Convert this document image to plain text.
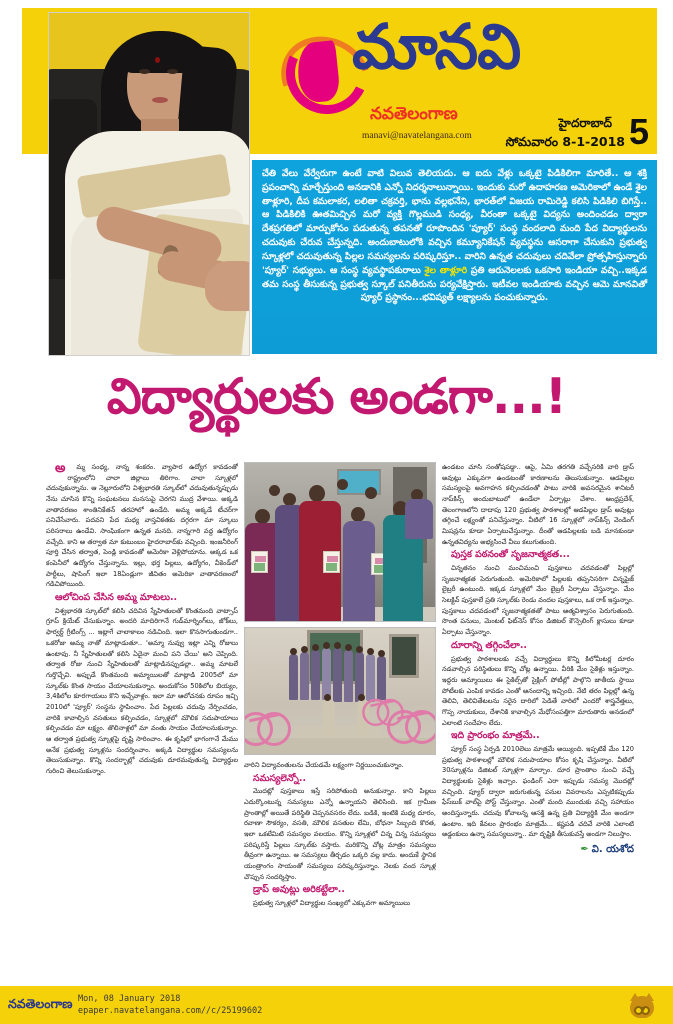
మానవి
నవతెలంగాణ
manavi@navatelangana.com
హైదరాబాద్
సోమవారం 8-1-2018 5
చేతి వేలు వేర్వేరుగా ఉంటే వాటి విలువ తెలియదు. ఆ ఐదు వేళ్లు ఒక్కటై పిడికిలిగా మారితే.. ఆ శక్తి ప్రపంచాన్ని మార్చేస్తుంది అనడానికి ఎన్నో నిదర్శనాలున్నాయి. ఇందుకు మరో ఉదాహరణ అమెరికాలో ఉండే శైల తాళ్లూరి, దీప కమలాకర, లలితా చక్రవర్తి, భాను వల్లభనేని, భారత్‌లో విజయ రామిరెడ్డి కలిసి పిడికిలి బిగిస్తే.. ఆ పిడికిలికి ఊతమిచ్చిన మరో వ్యక్తి గొల్లముడి సంధ్య, వీరంతా ఒక్కటై విద్యను అందించడం ద్వారా దేశప్రగతిలో మార్పుకోసం పడుతున్న తపనతో రూపొందిన 'ప్యూర్‌' సంస్థ వందలాది మంది పేద విద్యార్థులను చదువుకు చేరువ చేస్తున్నది. అందుబాటులోకి వచ్చిన కమ్యూనికేషన్‌ వ్యవస్థను ఆసరాగా చేసుకుని ప్రభుత్వ స్కూళ్లలో చదువుతున్న పిల్లల సమస్యలను పరిష్కరిస్తూ.. వారిని ఉన్నత చదువులు చదివేలా ప్రోత్సహిస్తున్నారు 'ప్యూర్‌' సభ్యులు. ఆ సంస్థ వ్యవస్థాపకురాలు శైల తాళ్లూరి ప్రతి ఆరునెలలకు ఒకసారి ఇండియా వచ్చి..ఇక్కడ తమ సంస్థ తీసుకున్న ప్రభుత్వ స్కూల్‌ పనితీరును పర్యవేక్షిస్తారు. ఇటీవల ఇండియాకు వచ్చిన ఆమె మానవితో ప్యూర్‌ ప్రస్థానం...భవిష్యత్‌ లక్ష్యాలను పంచుకున్నారు.
విద్యార్థులకు అండగా...!

అ మ్మ సంధ్య, నాన్న శంకరం. వ్యాపార ఉద్యోగ కావడంతో రాష్ట్రంలోని చాలా జిల్లాలు తిరిగాం. చాలా స్కూళ్లలో చదువుకున్నాను. ఆ నెల్లూరులోని విశ్వభారతి స్కూల్‌లో చదువుతున్నప్పుడు నేను చూసిన కొన్ని సంఘటనలు మనసుపై చెరగని ముద్ర వేశాయి. అక్కడి వాతావరణం శాంతినికేతన్‌ తరహాలో ఉండేది. అమ్మ అక్కడే టీచర్‌గా పనిచేసేవారు. పదవని పేద మధ్య వాస్తవికతకు దగ్గరగా మా స్కూలు పరిసరాలు ఉండేవి. సాంఘికంగా ఉన్నత మనది. నాన్నగారి వద్ద ఉద్యోగం వచ్చేది. కాని ఆ తర్వాత మా కుటుంబం హైదరాబాద్‌కు వచ్చింది. ఇంజనీరింగ్‌ పూర్తి చేసిన తర్వాత, పెండ్లి కావడంతో అమెరికా వెళ్లిపోయాను. అక్కడ ఒక కంపెనీలో ఉద్యోగం చేస్తున్నాను. ఇల్లు, భర్త పిల్లలు, ఉద్యోగం, వీకెండ్‌లో పార్టీలు, షాపింగ్‌ ఇలా 18ఏండ్లుగా జీవితం అమెరికా వాతావరణంలో గడిచిపోయింది.

ఆలోచింప చేసిన అమ్మ మాటలు..

విశ్వభారతి స్కూల్‌లో కలిసి చదివిన స్నేహితులతో కొంతమంది వాట్సాప్‌ గ్రూప్‌ క్రియేట్‌ చేసుకున్నాం. అందరి మాదిరిగానే గుడ్‌మార్నింగ్‌లు, జోక్‌లు, ఫార్వర్డ్‌ గ్రీటింగ్స్‌ ... ఇట్లాగే చాలాకాలం నడిచింది. ఇలా కొనసాగుతుండగా.. ఒకరోజు అమ్మ నాతో మాట్లాడుతూ.. 'అమ్మా నువ్వు ఇట్లా ఎన్ని రోజులు ఉంటావు. నీ స్నేహితులతో కలిసి ఏదైనా మంచి పని చేయి' అని చెప్పింది. తర్వాత రోజు నుంచి స్నేహితులతో మాట్లాడినప్పుడల్లా.. అమ్మ మాటలే గుర్తొచ్చేవి. అప్పుడే కొంతమంది అమ్మాయిలతో మాట్లాడి 2005లో మా స్కూల్‌కు కొంత సాయం చేయాలనుకున్నాం. అందుకోసం 50కిలోల బియ్యం, 3,4కిలోల కూరగాయలు కొని ఇచ్చేవాళ్లం. ఇలా మా ఆలోచనకు రూపం ఇచ్చి 2010లో 'ప్యూర్‌' సంస్థను స్థాపించాం. పేద పిల్లలకు చదువు నేర్పించడం, వారికి కావాల్సిన వసతులు కల్పించడం, స్కూళ్లలో మౌలిక సదుపాయాలు కల్పించడం మా లక్ష్యం. తొలినాళ్లలో మా వంతు సాయం చేయాలనుకున్నాం. ఆ తర్వాత ప్రభుత్వ స్కూళ్లపై దృష్టి సారించాం. ఈ కృషిలో భాగంగానే మేము అనేక ప్రభుత్వ స్కూళ్లను సందర్శించాం. అక్కడి విద్యార్థుల సమస్యలను తెలుసుకున్నాం. కొన్ని సందర్భాల్లో చదువుకు దూరమవుతున్న విద్యార్థుల గురించి తెలుసుకున్నాం.

వారిని విద్యావంతులను చేయడమే లక్ష్యంగా నిర్ణయించుకున్నాం.

సమస్యలెన్నో..

మొదట్లో పుస్తకాలు ఇస్తే సరిపోతుంది అనుకున్నాం. కాని పిల్లలు ఎదుర్కొంటున్న సమస్యలు ఎన్నో ఉన్నాయని తెలిసింది. ఇక గ్రామీణ ప్రాంతాల్లో అయితే పరిస్థితి చెప్పనవసరం లేదు. బడికి, ఇంటికి మధ్య దూరం, రవాణా సౌకర్యం, వసతి, మౌలిక వసతుల లేమి, బోధనా సిబ్బంది కొరత, ఇలా ఒకటేమిటి సమస్యల వలయం. కొన్ని స్కూళ్లలో చిన్న చిన్న సమస్యలు పరిష్కరిస్తే పిల్లలు స్కూల్‌కు వస్తారు. మరికొన్ని చోట్ల మాత్రం సమస్యలు తీవ్రంగా ఉన్నాయి. ఆ సమస్యలు తీర్చడం ఒక్కరి వల్ల కాదు. అందుకే స్థానిక యంత్రాంగం సాయంతో సమస్యలు పరిష్కరిస్తున్నాం. నెలకు వంద స్కూళ్ల చొప్పున సందర్శిస్తాం.

డ్రాప్‌ అవుట్లు అరికట్టేలా..

ప్రభుత్వ స్కూళ్లలో విద్యార్థుల సంఖ్యలో ఎక్కువగా అమ్మాయిలు

ఉండటం చూసి సంతోషపడ్డా.. ఆపై, ఏమి తరగతి వచ్చేసరికి వారి డ్రాప్‌ అవుట్లు ఎక్కువగా ఉండటంతో కారణాలను తెలుసుకున్నాం. ఆడపిల్లల సమస్యలపై అవగాహన కల్పించడంతో పాటు వారికి అవసరమైన శానిటరీ నాప్‌కిన్స్‌ అందుబాటులో ఉండేలా ఏర్పాట్లు చేశాం. ఆంధ్రప్రదేశ్‌, తెలంగాణలోని దాదాపు 120 ప్రభుత్వ పాఠశాలల్లో ఆడపిల్లల డ్రాప్‌ అవుట్లు తగ్గించే లక్ష్యంతో పనిచేస్తున్నాం. వీటిలో 16 స్కూళ్లలో నాప్‌కిన్స్‌ వెండింగ్‌ మిషన్లను కూడా ఏర్పాటుచేస్తున్నాం. దీంతో ఆడపిల్లలకు బడి మానకుండా ఉన్నతవిద్యను అభ్యసించే వీలు కలుగుతుంది.

పుస్తక పఠనంతో సృజనాత్మకత...

చిన్నతనం నుంచి మంచిమంచి పుస్తకాలు చదవడంతో పిల్లల్లో సృజనాత్మకత పెరుగుతుంది. అమెరికాలో పిల్లలకు తప్పనిసరిగా చిన్నపైజ్‌ లైబ్రరీ ఉంటుంది. ఇక్కడ స్కూళ్లలో మేం లైబ్రరీ ఏర్పాటు చేస్తున్నాం. మేం సెలక్టివ్‌ పుస్తకాలే ప్రతి స్కూల్‌కు రెండు వందల పుస్తకాలు, ఒక రాక్‌ ఇస్తున్నాం. పుస్తకాలు చదవడంలో సృజనాత్మకతతో పాటు ఆత్మవిశ్వాసం పెరుగుతుంది. సొంత పనులు, మెంటల్‌ ఫిట్‌నెస్‌ కోసం డిజిటల్‌ కౌన్సెలింగ్‌ క్లాసులు కూడా ఏర్పాటు చేస్తున్నాం.

దూరాన్ని తగ్గించేలా..

ప్రభుత్వ పాఠశాలలకు వచ్చే విద్యార్థులు కొన్ని కిలోమీటర్ల దూరం నడవాల్సిన పరిస్థితులు కొన్ని చోట్ల ఉన్నాయి. వీరికి మేం సైకిళ్లు ఇస్తున్నాం. ఇద్దరు అమ్మాయిలు ఈ సైకిల్స్‌తో సైక్లింగ్‌ పోటీల్లో పాల్గొని జాతీయ స్థాయి పోటీలకు ఎంపిక కావడం ఎంతో ఆనందాన్ని ఇచ్చింది. నేటి తరం పిల్లల్లో ఉన్న తెలివి, తెలివితేటలను సరైన దారిలో పెడితే వారిలో ఎందరో శాస్త్రవేత్తలు, గొప్ప నాయకులు, దేశానికి కావాల్సిన మేధోసంపత్తిగా మారుతారు అనడంలో ఎలాంటి సందేహం లేదు.

ఇది ప్రారంభం మాత్రమే..

ప్యూర్‌ సంస్థ ఏర్పడి 2010లెలు మాత్రమే అయ్యింది. ఇప్పటికే మేం 120 ప్రభుత్వ పాఠశాలల్లో మౌలిక సదుపాయాల కోసం కృషి చేస్తున్నాం. వీటిలో 30స్కూళ్లను డిజిటల్‌ స్కూళ్లగా మార్చాం. దూర ప్రాంతాల నుంచి వచ్చే విద్యార్థులకు సైకిళ్లు ఇచ్చాం. ఫండింగ్‌ ఎరా ఇప్పుడు సమస్య మొదట్లో వచ్చింది. ప్యూర్‌ ద్వారా జరుగుతున్న పనుల వివరాలను ఎప్పటికప్పుడు ఫేస్‌బుక్‌ వాల్‌పై పోస్ట్‌ చేస్తున్నాం. ఎంతో మంది ముందుకు వచ్చి సహాయం అందిస్తున్నారు. చదువు కోవాలన్న ఆసక్తి ఉన్న ప్రతి విద్యార్థికి మేం అండగా ఉంటాం. ఇది కేవలం ప్రారంభం మాత్రమే... కష్టపడి చదివే వారికి ఎలాంటి అడ్డంకులు ఉన్నా సమస్యలున్నా.. మా దృష్టికి తీసుకువస్తే అండగా నిలుస్తాం.

✒ వి. యశోద

నవతెలంగాణ Mon, 08 January 2018
epaper.navatelangana.com//c/25199602
